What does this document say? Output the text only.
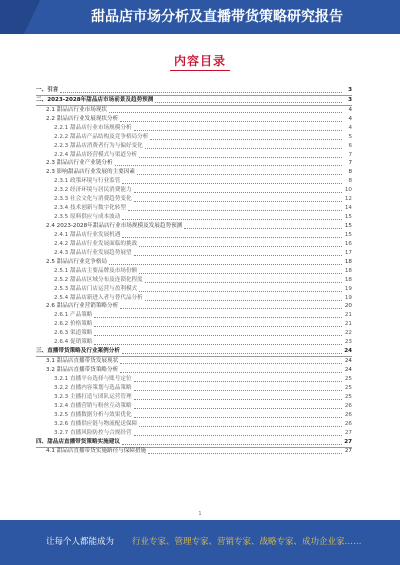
甜品店市场分析及直播带货策略研究报告
内容目录
一、引言	3
二、2023-2028年甜品店市场前景及趋势预测	3
2.1 甜品店行业市场现状	4
2.2 甜品店行业发展现状分析	4
2.2.1 甜品店行业市场规模分析	4
2.2.2 甜品店产品结构及竞争格局分析	5
2.2.3 甜品店消费者行为与偏好变化	6
2.2.4 甜品店经营模式与渠道分析	7
2.3 甜品店行业产业链分析	7
2.3 影响甜品店行业发展的主要因素	8
2.3.1 政策环境与行业监管	8
2.3.2 经济环境与居民消费能力	10
2.3.3 社会文化与消费趋势变化	12
2.3.4 技术创新与数字化转型	14
2.3.5 原料供应与成本波动	15
2.4 2023-2028年甜品店行业市场规模及发展趋势预测	15
2.4.1 甜品店行业发展机遇	15
2.4.2 甜品店行业发展面临的挑战	16
2.4.3 甜品店行业发展趋势展望	17
2.5 甜品店行业竞争格局	18
2.5.1 甜品店主要品牌及市场份额	18
2.5.2 甜品店区域分布及连锁化程度	18
2.5.3 甜品店门店运营与盈利模式	19
2.5.4 甜品店新进入者与替代品分析	19
2.6 甜品店行业营销策略分析	20
2.6.1 产品策略	21
2.6.2 价格策略	21
2.6.3 渠道策略	22
2.6.4 促销策略	23
三、直播带货策略及行业案例分析	24
3.1 甜品店直播带货发展现状	24
3.2 甜品店直播带货策略分析	24
3.2.1 直播平台选择与账号定位	25
3.2.2 直播内容策划与选品策略	25
3.2.3 主播打造与团队运营管理	25
3.2.4 直播营销与粉丝互动策略	26
3.2.5 直播数据分析与效果优化	26
3.2.6 直播供应链与物流配送保障	26
3.2.7 直播风险防控与合规经营	27
四、甜品店直播带货策略实施建议	27
4.1 甜品店直播带货实施路径与保障措施	27
1
让每个人都能成为 行业专家、管理专家、营销专家、战略专家、成功企业家……
